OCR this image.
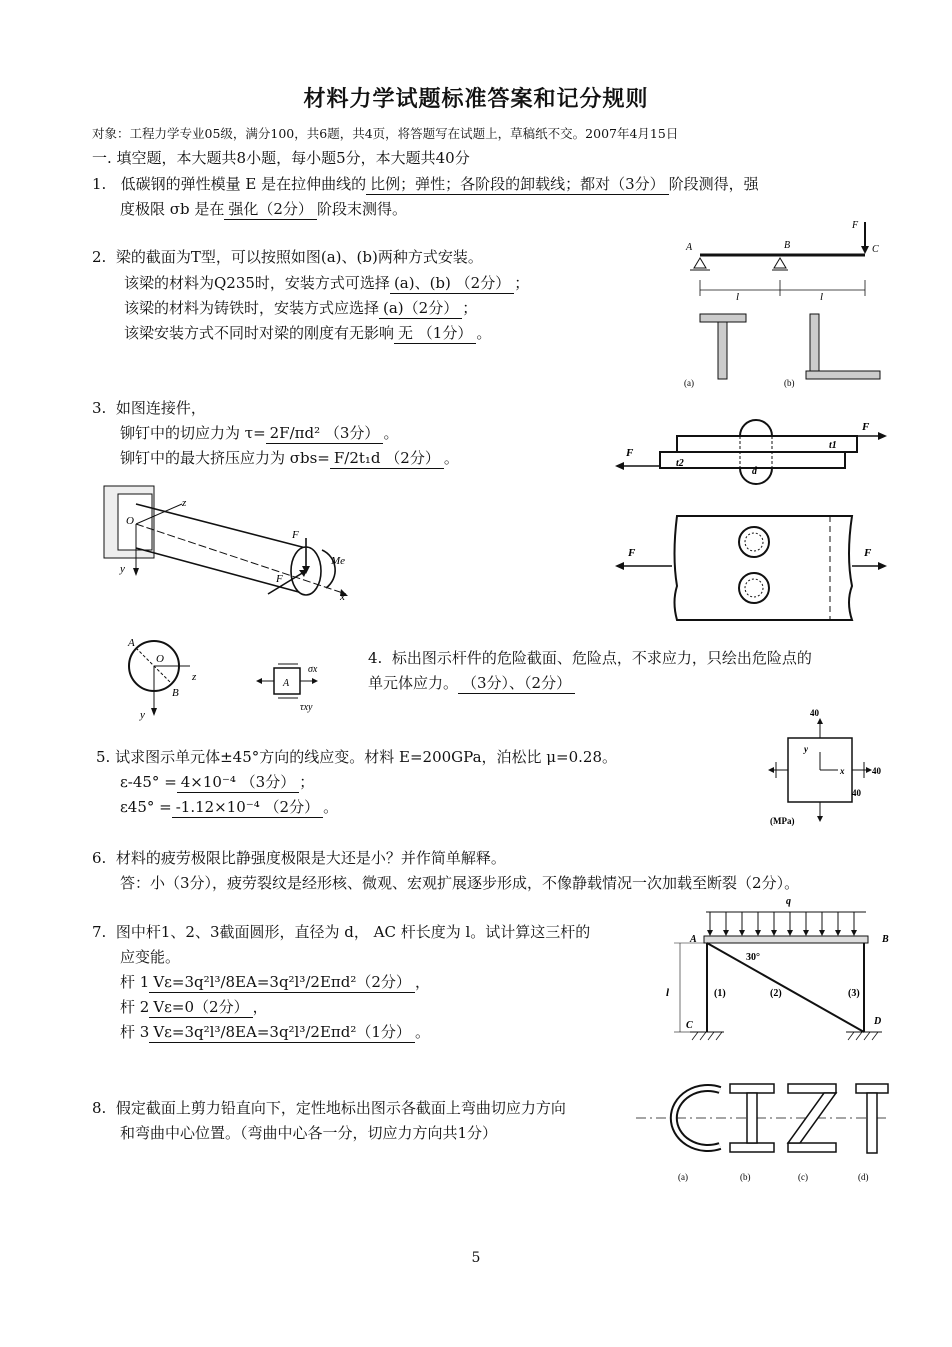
材料力学试题标准答案和记分规则
对象：工程力学专业05级，满分100，共6题，共4页，将答题写在试题上，草稿纸不交。2007年4月15日
一. 填空题，本大题共8小题，每小题5分，本大题共40分
1. 低碳钢的弹性模量 E 是在拉伸曲线的 比例；弹性；各阶段的卸载线；都对（3分） 阶段测得，强
度极限 σb 是在 强化（2分） 阶段末测得。
2. 梁的截面为T型，可以按照如图(a)、(b)两种方式安装。
该梁的材料为Q235时，安装方式可选择 (a)、(b) （2分） ；
该梁的材料为铸铁时，安装方式应选择 (a)（2分） ；
该梁安装方式不同时对梁的刚度有无影响 无 （1分） 。
F
A	B	C
l	l
(a)	(b)
3. 如图连接件，
铆钉中的切应力为 τ= 2F/πd² （3分） 。
铆钉中的最大挤压应力为 σbs= F/2t₁d （2分） 。
F
F
t1
t2
d
F
F
z
y
O
F
F
Me
x
A
B
O
z
y
A
σx
τxy
4. 标出图示杆件的危险截面、危险点，不求应力，只绘出危险点的
单元体应力。 （3分）、（2分）
5. 试求图示单元体±45°方向的线应变。材料 E=200GPa，泊松比 μ=0.28。
ε-45° = 4×10⁻⁴ （3分） ；
ε45° = -1.12×10⁻⁴ （2分） 。
40
y
x	40
40
(MPa)
6. 材料的疲劳极限比静强度极限是大还是小？并作简单解释。
答：小（3分），疲劳裂纹是经形核、微观、宏观扩展逐步形成，不像静载情况一次加载至断裂（2分）。
7. 图中杆1、2、3截面圆形，直径为 d， AC 杆长度为 l。试计算这三杆的
应变能。
杆 1 Vε=3q²l³/8EA=3q²l³/2Eπd²（2分） ，
杆 2 Vε=0（2分） ，
杆 3 Vε=3q²l³/8EA=3q²l³/2Eπd²（1分） 。
q
A	B
l
C	D
30°
(1)	(2)	(3)
8. 假定截面上剪力铅直向下，定性地标出图示各截面上弯曲切应力方向
和弯曲中心位置。（弯曲中心各一分，切应力方向共1分）
(a)	(b)	(c)	(d)
5
